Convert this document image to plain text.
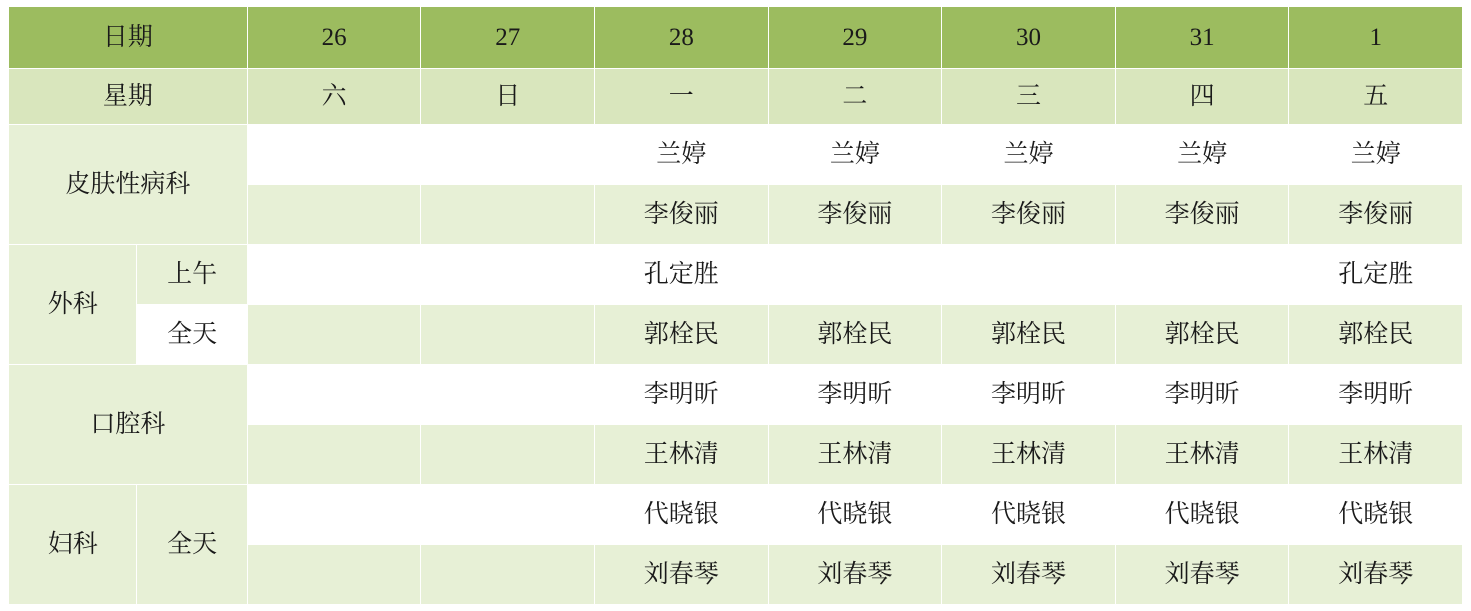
日期		26	27	28	29	30	31	1
星期		六	日	一	二	三	四	五
皮肤性病科				兰婷	兰婷	兰婷	兰婷	兰婷
				李俊丽	李俊丽	李俊丽	李俊丽	李俊丽
外科	上午			孔定胜				孔定胜
	全天			郭栓民	郭栓民	郭栓民	郭栓民	郭栓民
口腔科				李明昕	李明昕	李明昕	李明昕	李明昕
				王林清	王林清	王林清	王林清	王林清
妇科	全天			代晓银	代晓银	代晓银	代晓银	代晓银
				刘春琴	刘春琴	刘春琴	刘春琴	刘春琴
